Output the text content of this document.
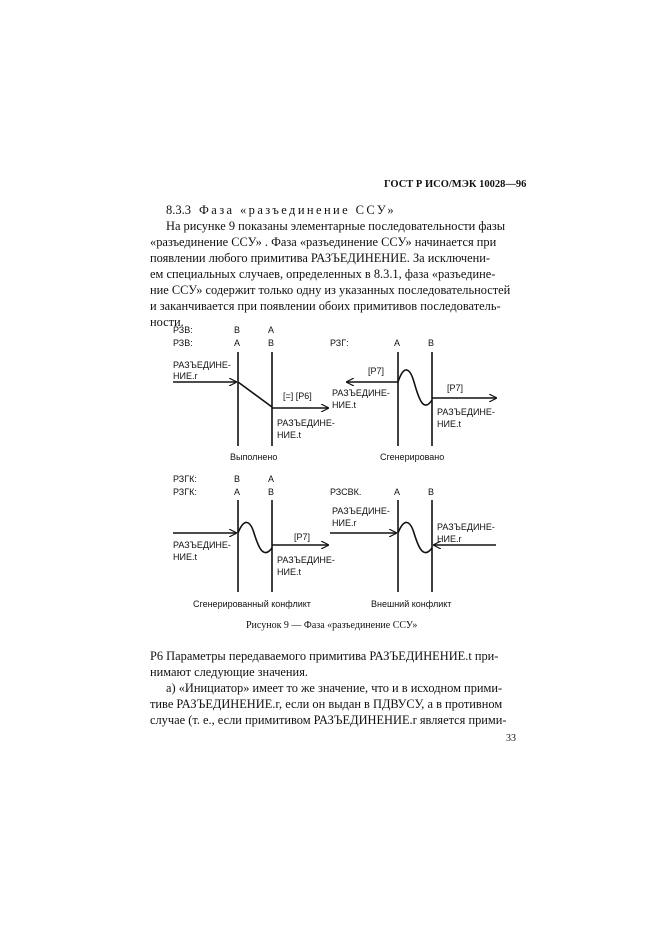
ГОСТ Р ИСО/МЭК 10028—96
8.3.3 Фаза «разъединение ССУ»
На рисунке 9 показаны элементарные последовательности фазы
«разъединение ССУ» . Фаза «разъединение ССУ» начинается при
появлении любого примитива РАЗЪЕДИНЕНИЕ. За исключени-
ем специальных случаев, определенных в 8.3.1, фаза «разъедине-
ние ССУ» содержит только одну из указанных последовательностей
и заканчивается при появлении обоих примитивов последователь-
ности.
РЗВ:
РЗВ:
В	А
А	В
РАЗЪЕДИНЕ-
НИЕ.r
[=] [Р6]
РАЗЪЕДИНЕ-
НИЕ.t
Выполнено
РЗГ:	А	В
[Р7]
РАЗЪЕДИНЕ-
НИЕ.t
[Р7]
РАЗЪЕДИНЕ-
НИЕ.t
Сгенерировано
РЗГК:
РЗГК:
В	А
А	В
РАЗЪЕДИНЕ-
НИЕ.t
[Р7]
РАЗЪЕДИНЕ-
НИЕ.t
Сгенерированный конфликт
РЗСВК.	А	В
РАЗЪЕДИНЕ-
НИЕ.r	РАЗЪЕДИНЕ-
НИЕ.r
Внешний конфликт
Рисунок 9 — Фаза «разъединение ССУ»
Р6 Параметры передаваемого примитива РАЗЪЕДИНЕНИЕ.t при-
нимают следующие значения.
а) «Инициатор» имеет то же значение, что и в исходном прими-
тиве РАЗЪЕДИНЕНИЕ.r, если он выдан в ПДВУСУ, а в противном
случае (т. е., если примитивом РАЗЪЕДИНЕНИЕ.r является прими-
33
